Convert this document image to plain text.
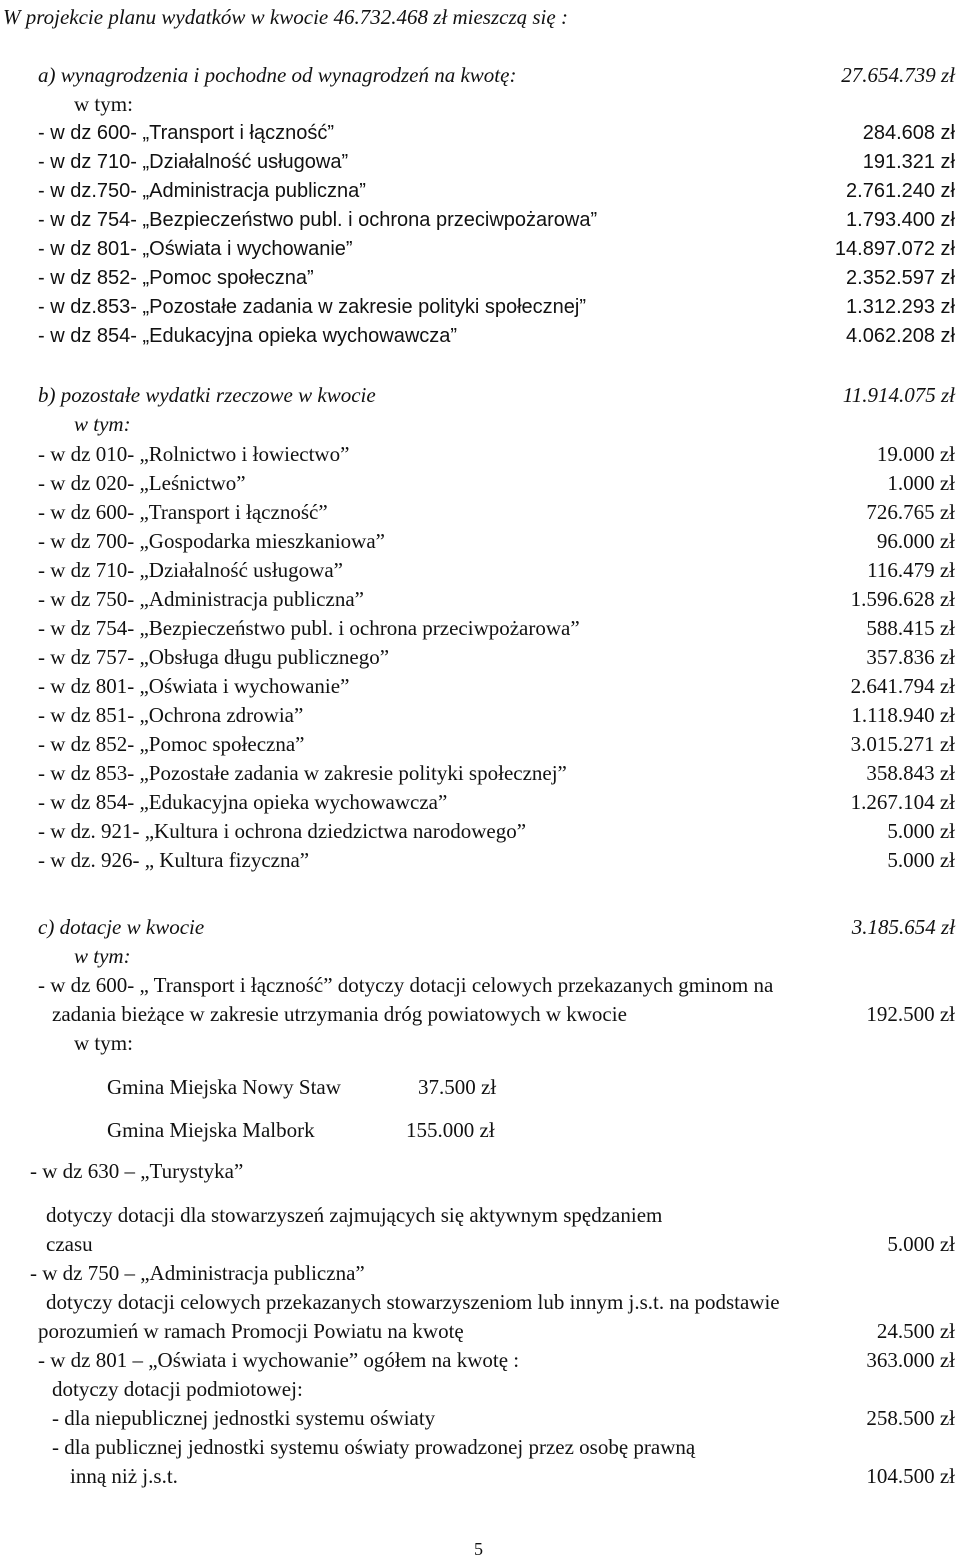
W projekcie planu wydatków w kwocie 46.732.468 zł mieszczą się :
a) wynagrodzenia i pochodne od wynagrodzeń na kwotę:	27.654.739 zł
w tym:
- w dz 600- „Transport i łączność”	284.608 zł
- w dz 710- „Działalność usługowa”	191.321 zł
- w dz.750- „Administracja publiczna”	2.761.240 zł
- w dz 754- „Bezpieczeństwo publ. i ochrona przeciwpożarowa”	1.793.400 zł
- w dz 801- „Oświata i wychowanie”	14.897.072 zł
- w dz 852- „Pomoc społeczna”	2.352.597 zł
- w dz.853- „Pozostałe zadania w zakresie polityki społecznej”	1.312.293 zł
- w dz 854- „Edukacyjna opieka wychowawcza”	4.062.208 zł
b) pozostałe wydatki rzeczowe w kwocie	11.914.075 zł
w tym:
- w dz 010- „Rolnictwo i łowiectwo”	19.000 zł
- w dz 020- „Leśnictwo”	1.000 zł
- w dz 600- „Transport i łączność”	726.765 zł
- w dz 700- „Gospodarka mieszkaniowa”	96.000 zł
- w dz 710- „Działalność usługowa”	116.479 zł
- w dz 750- „Administracja publiczna”	1.596.628 zł
- w dz 754- „Bezpieczeństwo publ. i ochrona przeciwpożarowa”	588.415 zł
- w dz 757- „Obsługa długu publicznego”	357.836 zł
- w dz 801- „Oświata i wychowanie”	2.641.794 zł
- w dz 851- „Ochrona zdrowia”	1.118.940 zł
- w dz 852- „Pomoc społeczna”	3.015.271 zł
- w dz 853- „Pozostałe zadania w zakresie polityki społecznej”	358.843 zł
- w dz 854- „Edukacyjna opieka wychowawcza”	1.267.104 zł
- w dz. 921- „Kultura i ochrona dziedzictwa narodowego”	5.000 zł
- w dz. 926- „ Kultura fizyczna”	5.000 zł
c) dotacje w kwocie	3.185.654 zł
w tym:
- w dz 600- „ Transport i łączność” dotyczy dotacji celowych przekazanych gminom na
zadania bieżące w zakresie utrzymania dróg powiatowych w kwocie	192.500 zł
w tym:
Gmina Miejska Nowy Staw	37.500 zł
Gmina Miejska Malbork	155.000 zł
- w dz 630 – „Turystyka”
dotyczy dotacji dla stowarzyszeń zajmujących się aktywnym spędzaniem
czasu	5.000 zł
- w dz 750 – „Administracja publiczna”
dotyczy dotacji celowych przekazanych stowarzyszeniom lub innym j.s.t. na podstawie
porozumień w ramach Promocji Powiatu na kwotę	24.500 zł
- w dz 801 – „Oświata i wychowanie” ogółem na kwotę :	363.000 zł
dotyczy dotacji podmiotowej:
- dla niepublicznej jednostki systemu oświaty	258.500 zł
- dla publicznej jednostki systemu oświaty prowadzonej przez osobę prawną
inną niż j.s.t.	104.500 zł
5
